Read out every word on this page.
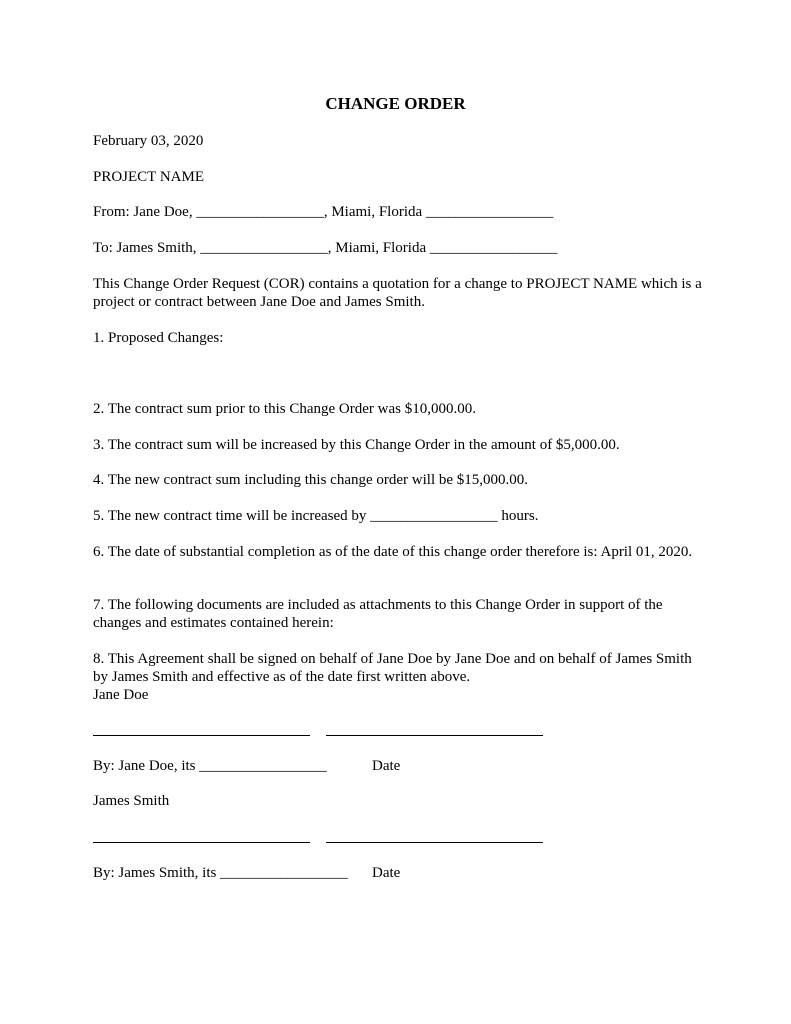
CHANGE ORDER
February 03, 2020
PROJECT NAME
From: Jane Doe, _________________, Miami, Florida _________________
To: James Smith, _________________, Miami, Florida _________________

This Change Order Request (COR) contains a quotation for a change to PROJECT NAME which is a project or contract between Jane Doe and James Smith.

1. Proposed Changes:
2. The contract sum prior to this Change Order was $10,000.00.
3. The contract sum will be increased by this Change Order in the amount of $5,000.00.
4. The new contract sum including this change order will be $15,000.00.
5. The new contract time will be increased by _________________ hours.

6. The date of substantial completion as of the date of this change order therefore is: April 01, 2020.

7. The following documents are included as attachments to this Change Order in support of the changes and estimates contained herein:

8. This Agreement shall be signed on behalf of Jane Doe by Jane Doe and on behalf of James Smith by James Smith and effective as of the date first written above.

Jane Doe
By: Jane Doe, its _________________	Date
James Smith
By: James Smith, its _________________ Date
